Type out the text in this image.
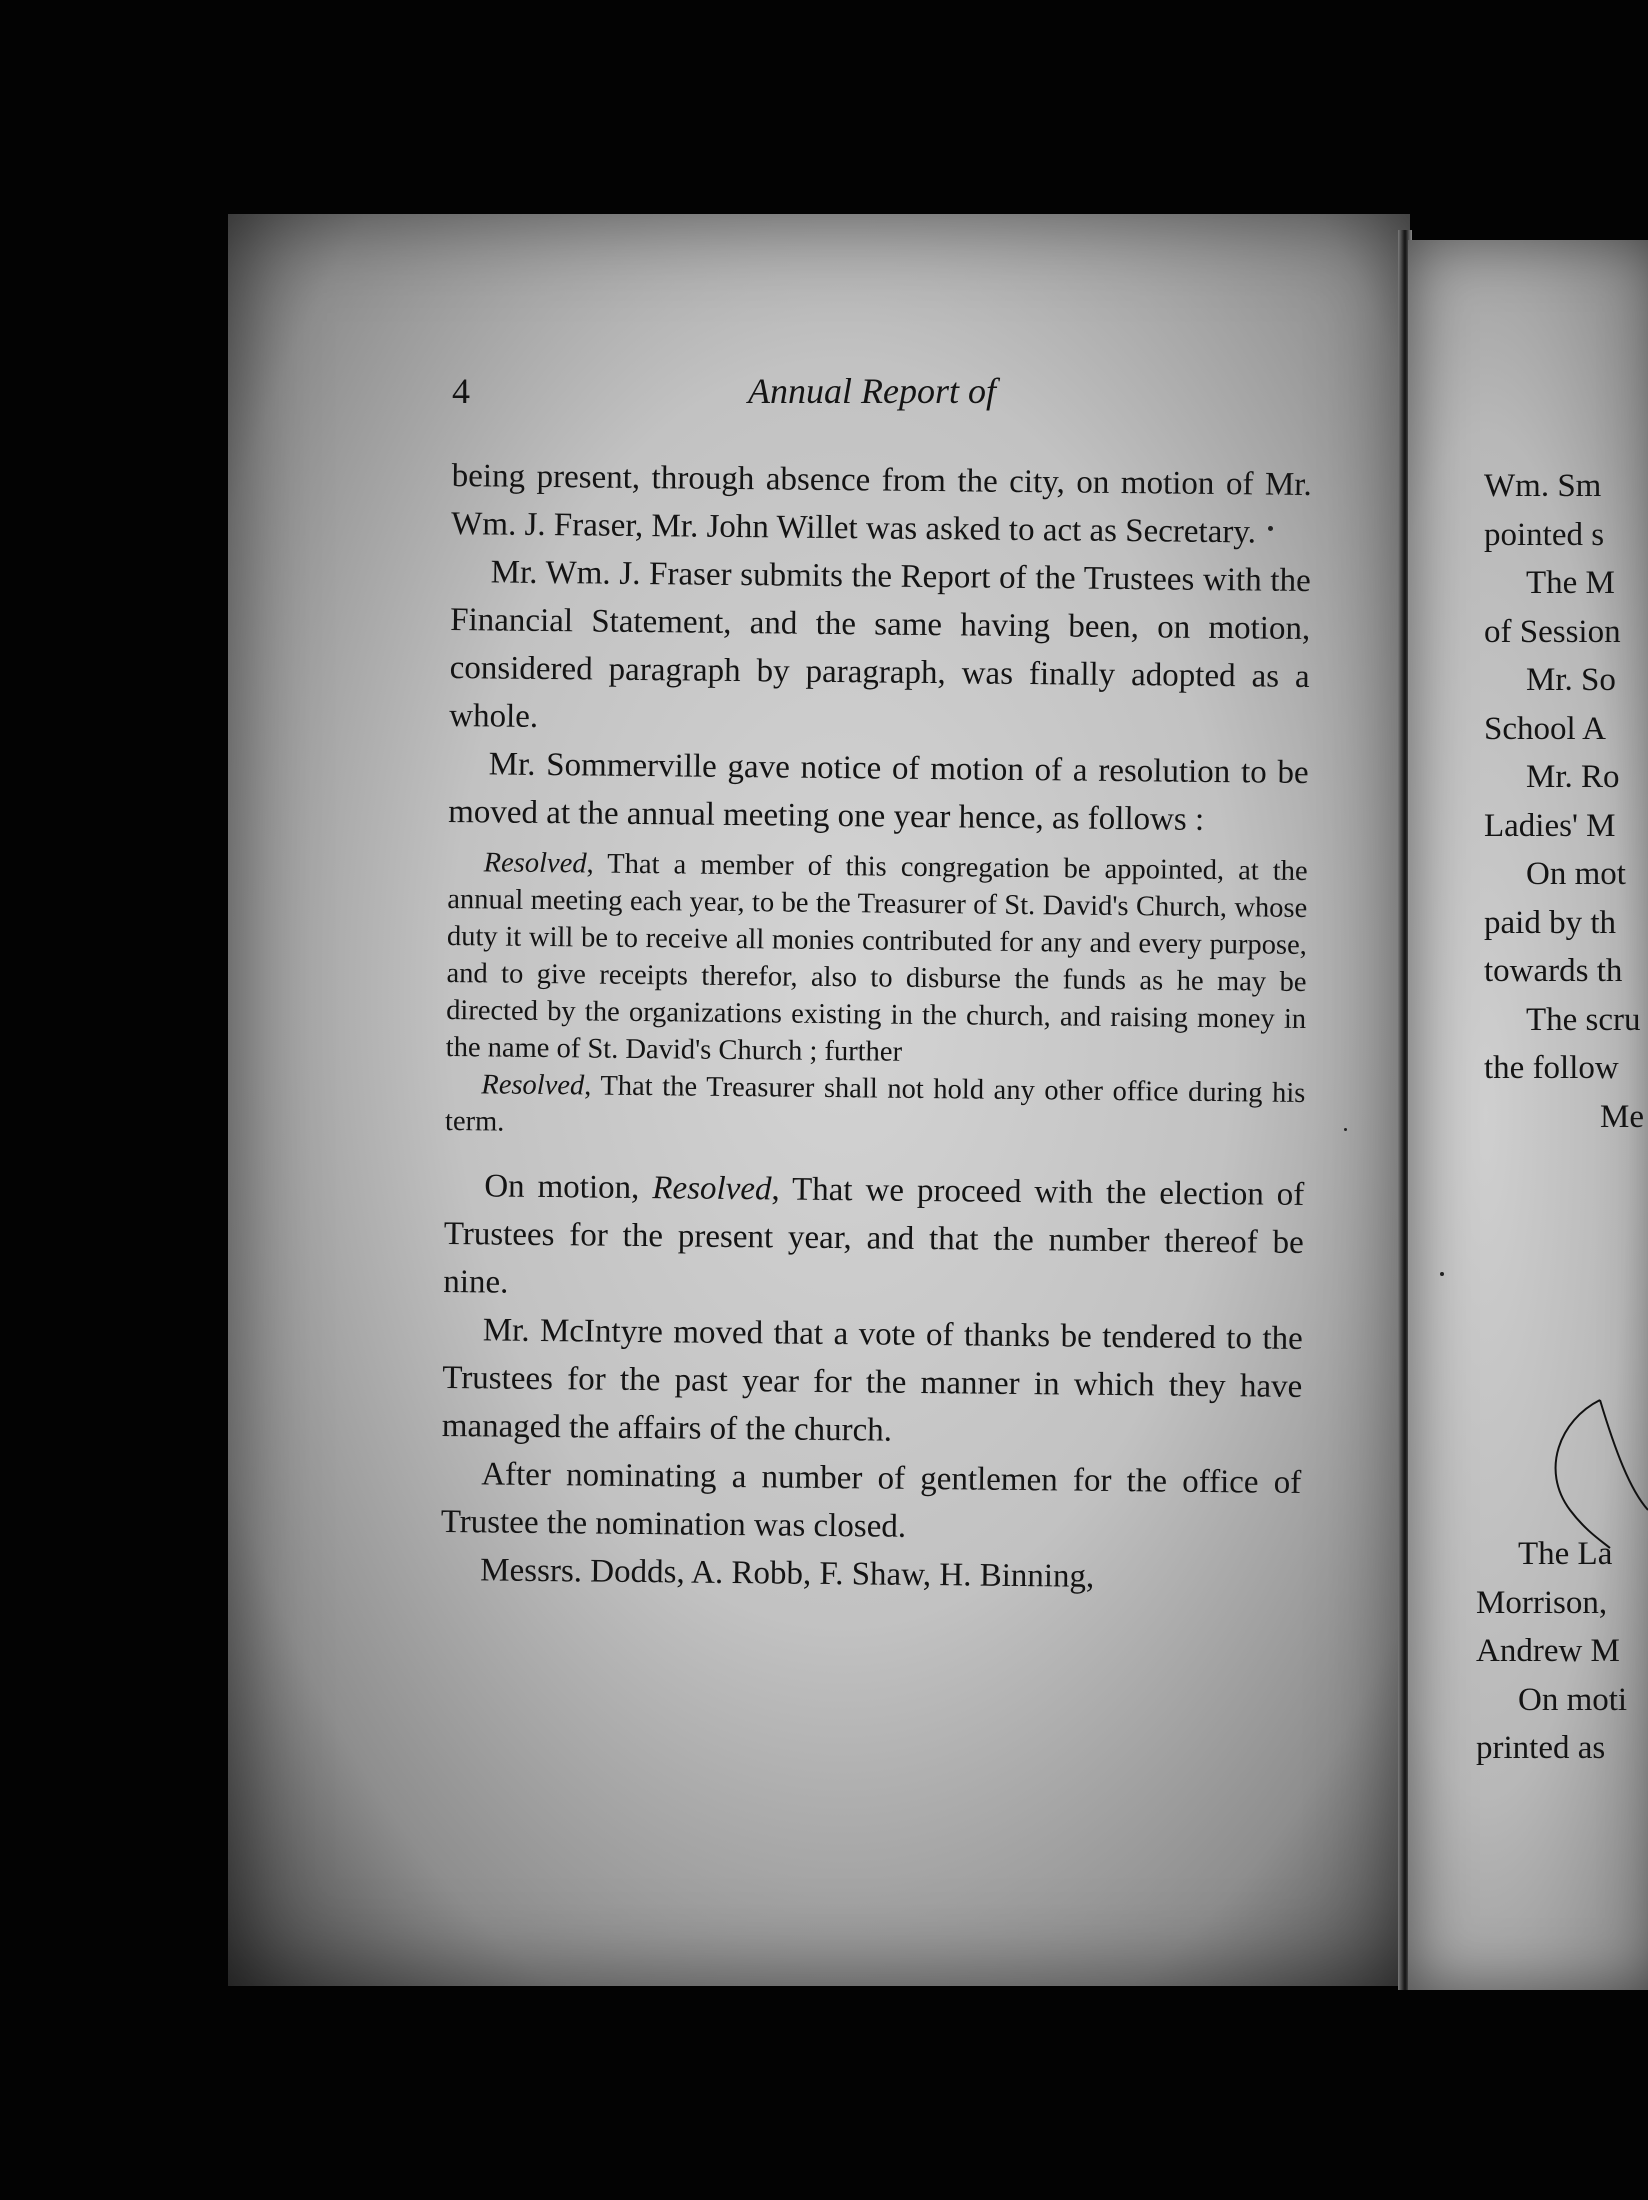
4	Annual Report of

being present, through absence from the city, on motion of Mr. Wm. J. Fraser, Mr. John Willet was asked to act as Secretary.

Mr. Wm. J. Fraser submits the Report of the Trustees with the Financial Statement, and the same having been, on motion, considered paragraph by paragraph, was finally adopted as a whole.

Mr. Sommerville gave notice of motion of a resolution to be moved at the annual meeting one year hence, as follows :

Resolved, That a member of this congregation be appointed, at the annual meeting each year, to be the Treasurer of St. David's Church, whose duty it will be to receive all monies contributed for any and every purpose, and to give receipts therefor, also to disburse the funds as he may be directed by the organizations existing in the church, and raising money in the name of St. David's Church ; further

Resolved, That the Treasurer shall not hold any other office during his term.

On motion, Resolved, That we proceed with the election of Trustees for the present year, and that the number thereof be nine.

Mr. McIntyre moved that a vote of thanks be tendered to the Trustees for the past year for the manner in which they have managed the affairs of the church.

After nominating a number of gentlemen for the office of Trustee the nomination was closed.

Messrs. Dodds, A. Robb, F. Shaw, H. Binning,

Wm. Sm

pointed s

The M

of Session

Mr. So

School A

Mr. Ro

Ladies' M

On mot

paid by th

towards th

The scru

the follow

Me

The La

Morrison,

Andrew M

On moti

printed as
